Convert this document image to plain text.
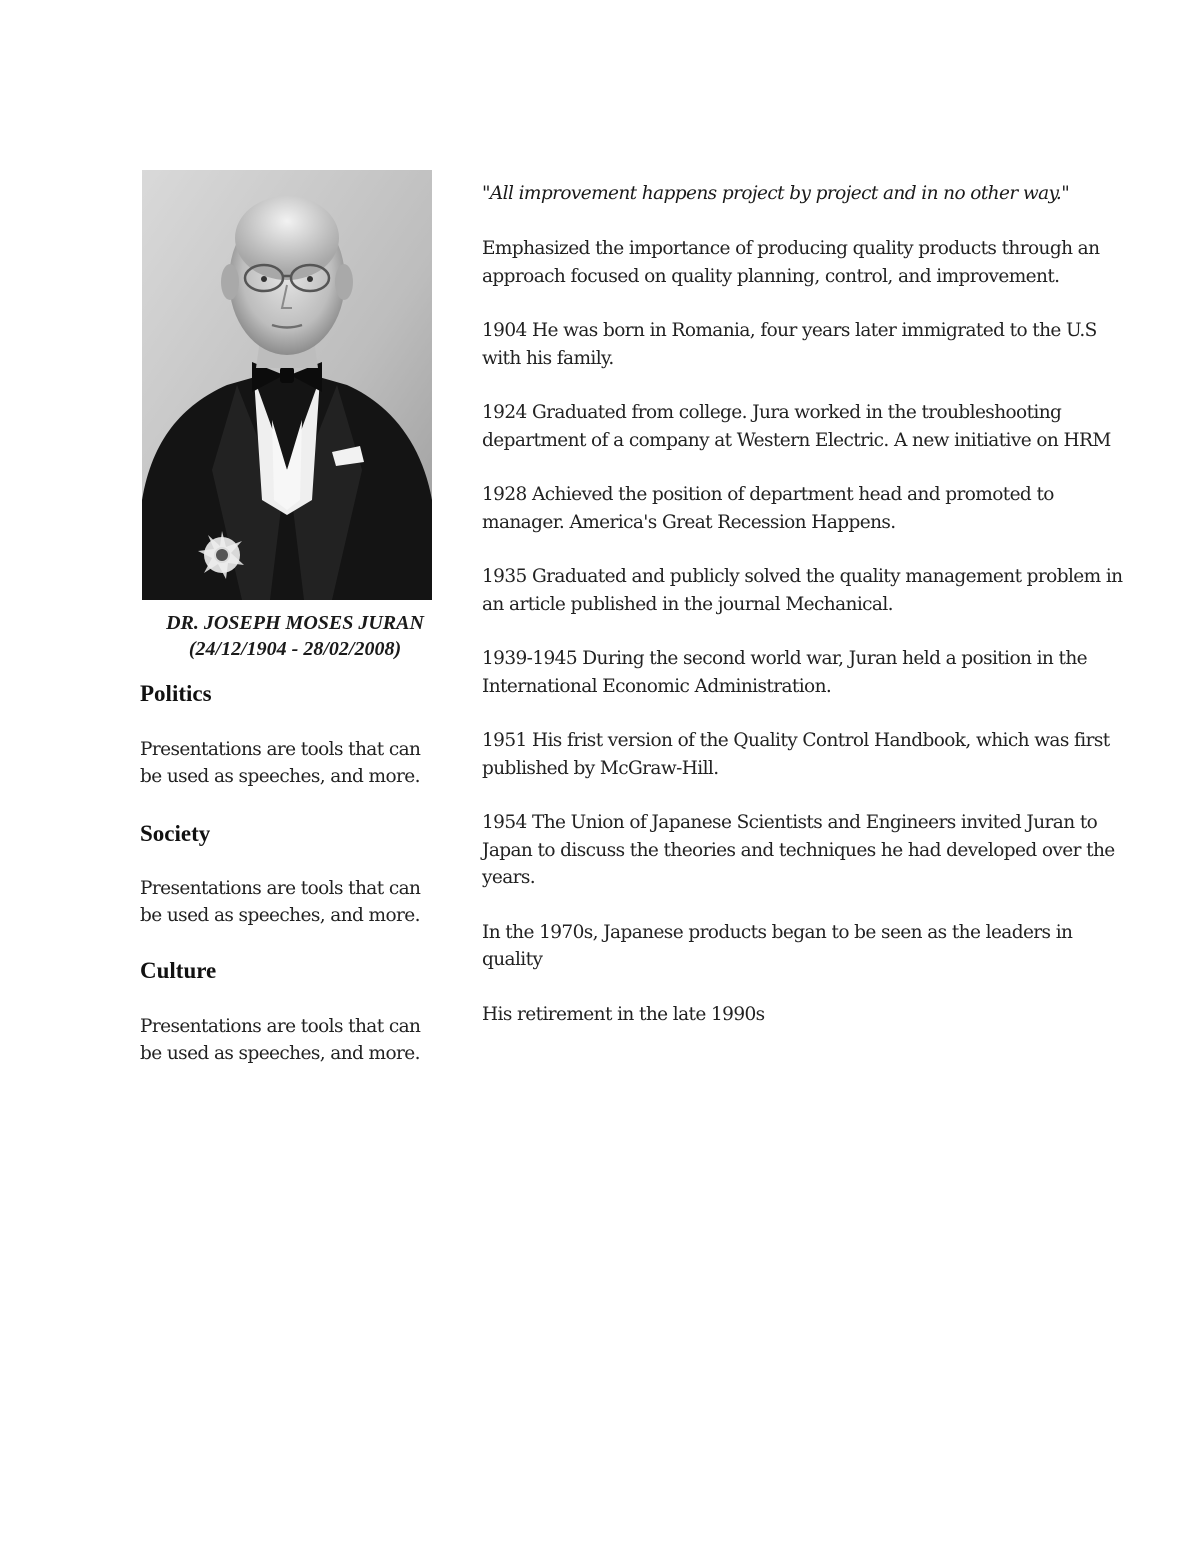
DR. JOSEPH MOSES JURAN
(24/12/1904 - 28/02/2008)

Politics

Presentations are tools that can

be used as speeches, and more.

Society

Presentations are tools that can

be used as speeches, and more.

Culture

Presentations are tools that can

be used as speeches, and more.

"All improvement happens project by project and in no other way."

Emphasized the importance of producing quality products through an approach focused on quality planning, control, and improvement.

1904 He was born in Romania, four years later immigrated to the U.S with his family.

1924 Graduated from college. Jura worked in the troubleshooting department of a company at Western Electric. A new initiative on HRM

1928 Achieved the position of department head and promoted to manager. America's Great Recession Happens.

1935 Graduated and publicly solved the quality management problem in an article published in the journal Mechanical.

1939-1945 During the second world war, Juran held a position in the International Economic Administration.

1951 His frist version of the Quality Control Handbook, which was first published by McGraw-Hill.

1954 The Union of Japanese Scientists and Engineers invited Juran to Japan to discuss the theories and techniques he had developed over the years.

In the 1970s, Japanese products began to be seen as the leaders in quality

His retirement in the late 1990s
